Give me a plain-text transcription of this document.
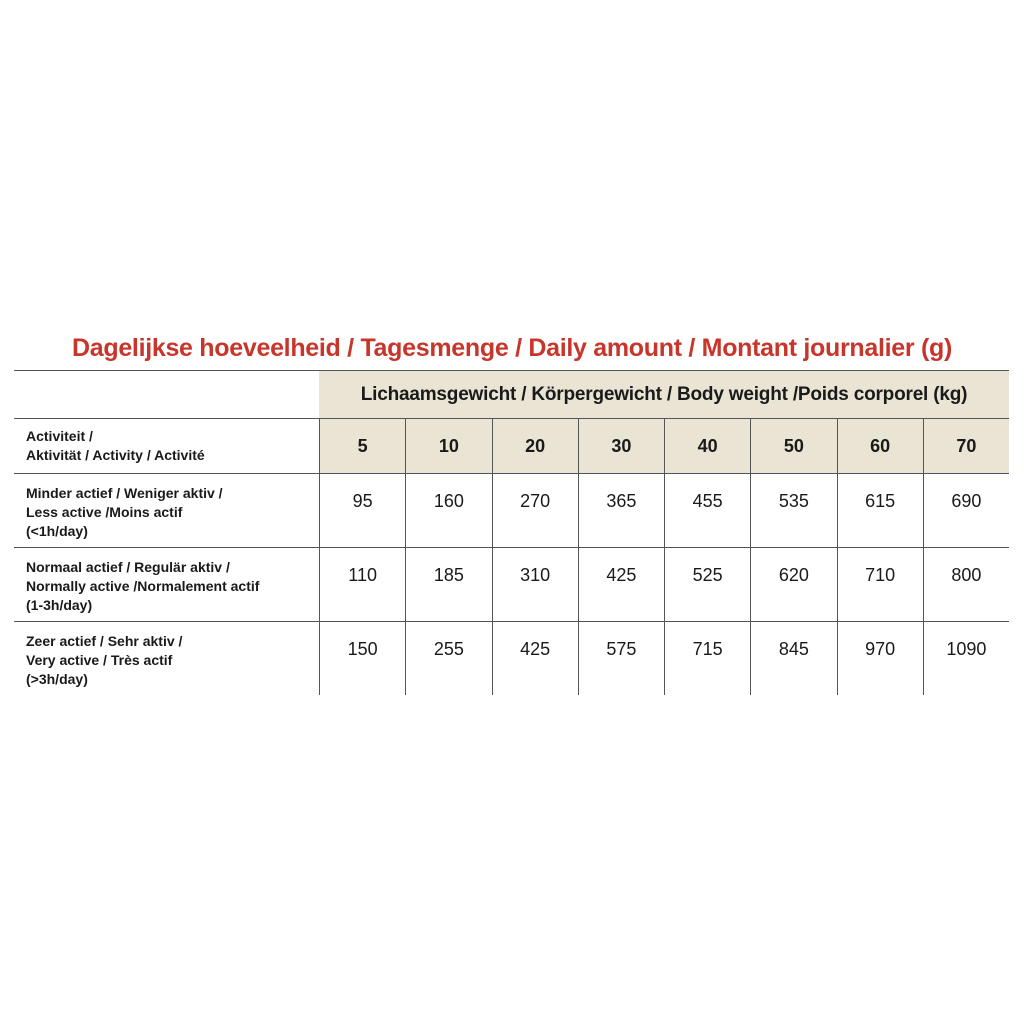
Dagelijkse hoeveelheid / Tagesmenge / Daily amount / Montant journalier (g)
Lichaamsgewicht / Körpergewicht / Body weight /Poids corporel (kg)
Activiteit /
Aktivität / Activity / Activité	5	10	20	30	40	50	60	70
Minder actief / Weniger aktiv /
Less active /Moins actif
(<1h/day)
95	160	270	365	455	535	615	690
Normaal actief / Regulär aktiv /
Normally active /Normalement actif
(1-3h/day)
110	185	310	425	525	620	710	800
Zeer actief / Sehr aktiv /
Very active / Très actif
(>3h/day)
150	255	425	575	715	845	970	1090
